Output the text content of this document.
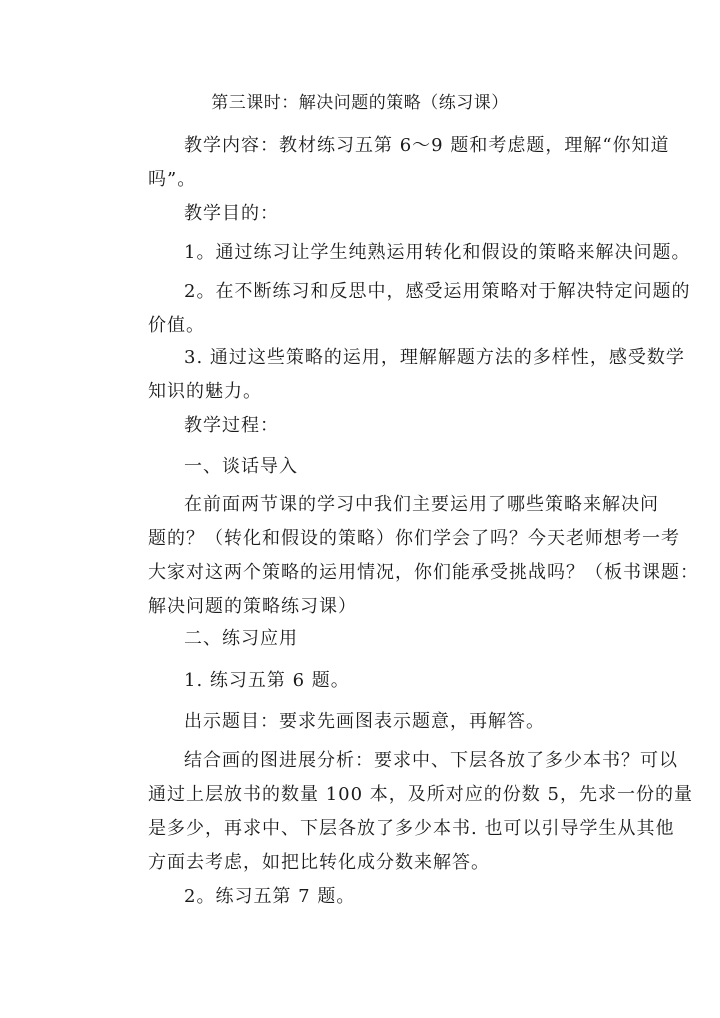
第三课时：解决问题的策略（练习课）
教学内容：教材练习五第 6～9 题和考虑题，理解“你知道
吗”。
教学目的：
1。通过练习让学生纯熟运用转化和假设的策略来解决问题。
2。在不断练习和反思中，感受运用策略对于解决特定问题的
价值。
3. 通过这些策略的运用，理解解题方法的多样性，感受数学
知识的魅力。
教学过程：
一、谈话导入
在前面两节课的学习中我们主要运用了哪些策略来解决问
题的？（转化和假设的策略）你们学会了吗？今天老师想考一考
大家对这两个策略的运用情况，你们能承受挑战吗？（板书课题：
解决问题的策略练习课）
二、练习应用
1. 练习五第 6 题。
出示题目：要求先画图表示题意，再解答。
结合画的图进展分析：要求中、下层各放了多少本书？可以
通过上层放书的数量 100 本，及所对应的份数 5，先求一份的量
是多少，再求中、下层各放了多少本书. 也可以引导学生从其他
方面去考虑，如把比转化成分数来解答。
2。练习五第 7 题。
